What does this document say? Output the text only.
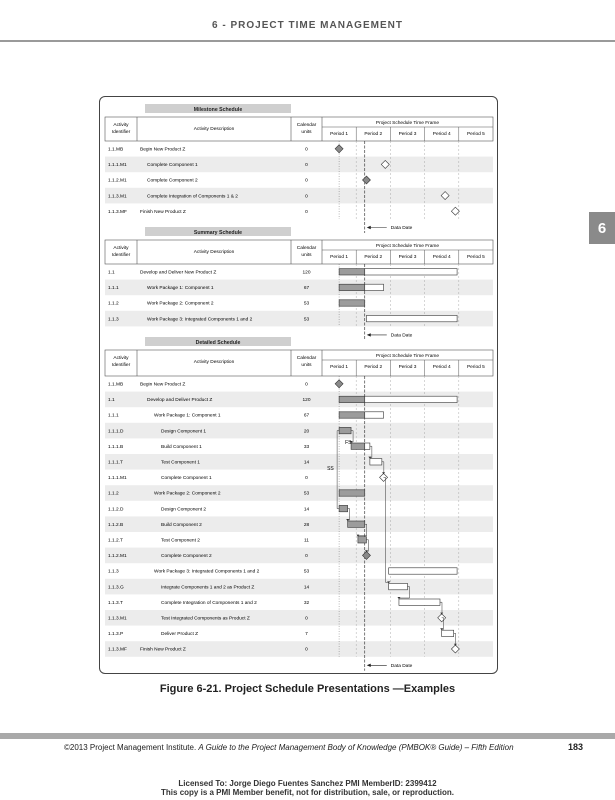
6 - PROJECT TIME MANAGEMENT
6
Milestone Schedule
Activity
Identifier
Activity Description
Calendar
units
Project Schedule Time Frame
Period 1	Period 2	Period 3	Period 4	Period 5
1.1.MB	Begin New Product Z	0
1.1.1.M1	Complete Component 1	0
1.1.2.M1	Complete Component 2	0
1.1.3.M1	Complete Integration of Components 1 & 2	0
1.1.3.MF	Finish New Product Z	0
Data Date
Summary Schedule
Activity
Identifier
Activity Description
Calendar
units
Project Schedule Time Frame
Period 1	Period 2	Period 3	Period 4	Period 5
1.1	Develop and Deliver New Product Z	120
1.1.1	Work Package 1: Component 1	67
1.1.2	Work Package 2: Component 2	53
1.1.3	Work Package 3: Integrated Components 1 and 2	53
Data Date
Detailed Schedule
Activity
Identifier
Activity Description
Calendar
units
Project Schedule Time Frame
Period 1	Period 2	Period 3	Period 4	Period 5
1.1.MB	Begin New Product Z	0
1.1	Develop and Deliver Product Z	120
1.1.1	Work Package 1: Component 1	67
1.1.1.D	Design Component 1	20
1.1.1.B	Build Component 1	33
1.1.1.T	Test Component 1	14
1.1.1.M1	Complete Component 1	0
1.1.2	Work Package 2: Component 2	53
1.1.2.D	Design Component 2	14
1.1.2.B	Build Component 2	28
1.1.2.T	Test Component 2	11
1.1.2.M1	Complete Component 2	0
1.1.3	Work Package 3: Integrated Components 1 and 2	53
1.1.3.G	Integrate Components 1 and 2 as Product Z	14
1.1.3.T	Complete Integration of Components 1 and 2	32
1.1.3.M1	Test Integrated Components as Product Z	0
1.1.3.P	Deliver Product Z	7
1.1.3.MF	Finish New Product Z	0
Data Date
FS
SS
Figure 6-21. Project Schedule Presentations —Examples
©2013 Project Management Institute. A Guide to the Project Management Body of Knowledge (PMBOK® Guide) – Fifth Edition	183
Licensed To: Jorge Diego Fuentes Sanchez PMI MemberID: 2399412
This copy is a PMI Member benefit, not for distribution, sale, or reproduction.
